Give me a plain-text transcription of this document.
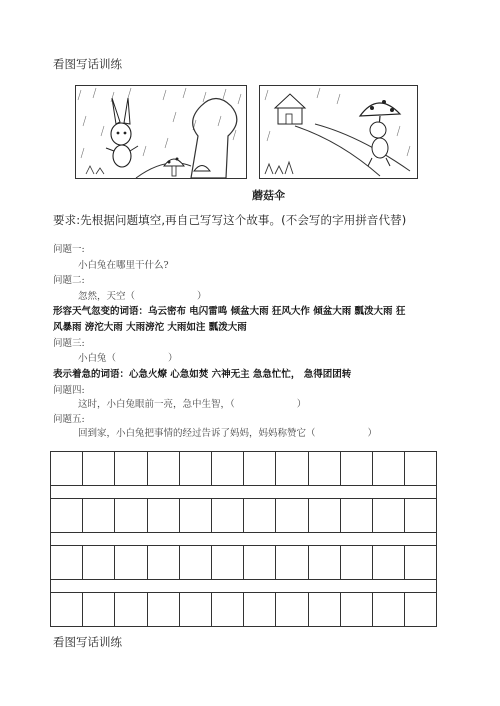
看图写话训练
蘑菇伞
要求:先根据问题填空,再自己写写这个故事。(不会写的字用拼音代替)
问题一:
小白兔在哪里干什么?
问题二:
忽然，天空（	）
形容天气忽变的词语：乌云密布 电闪雷鸣 倾盆大雨 狂风大作 倾盆大雨 瓢泼大雨 狂
风暴雨 滂沱大雨 大雨滂沱 大雨如注 瓢泼大雨
问题三:
小白兔（	）
表示着急的词语：心急火燎 心急如焚 六神无主 急急忙忙， 急得团团转
问题四:
这时，小白兔眼前一亮，急中生智，（	）
问题五:
回到家，小白兔把事情的经过告诉了妈妈，妈妈称赞它（	）

看图写话训练
